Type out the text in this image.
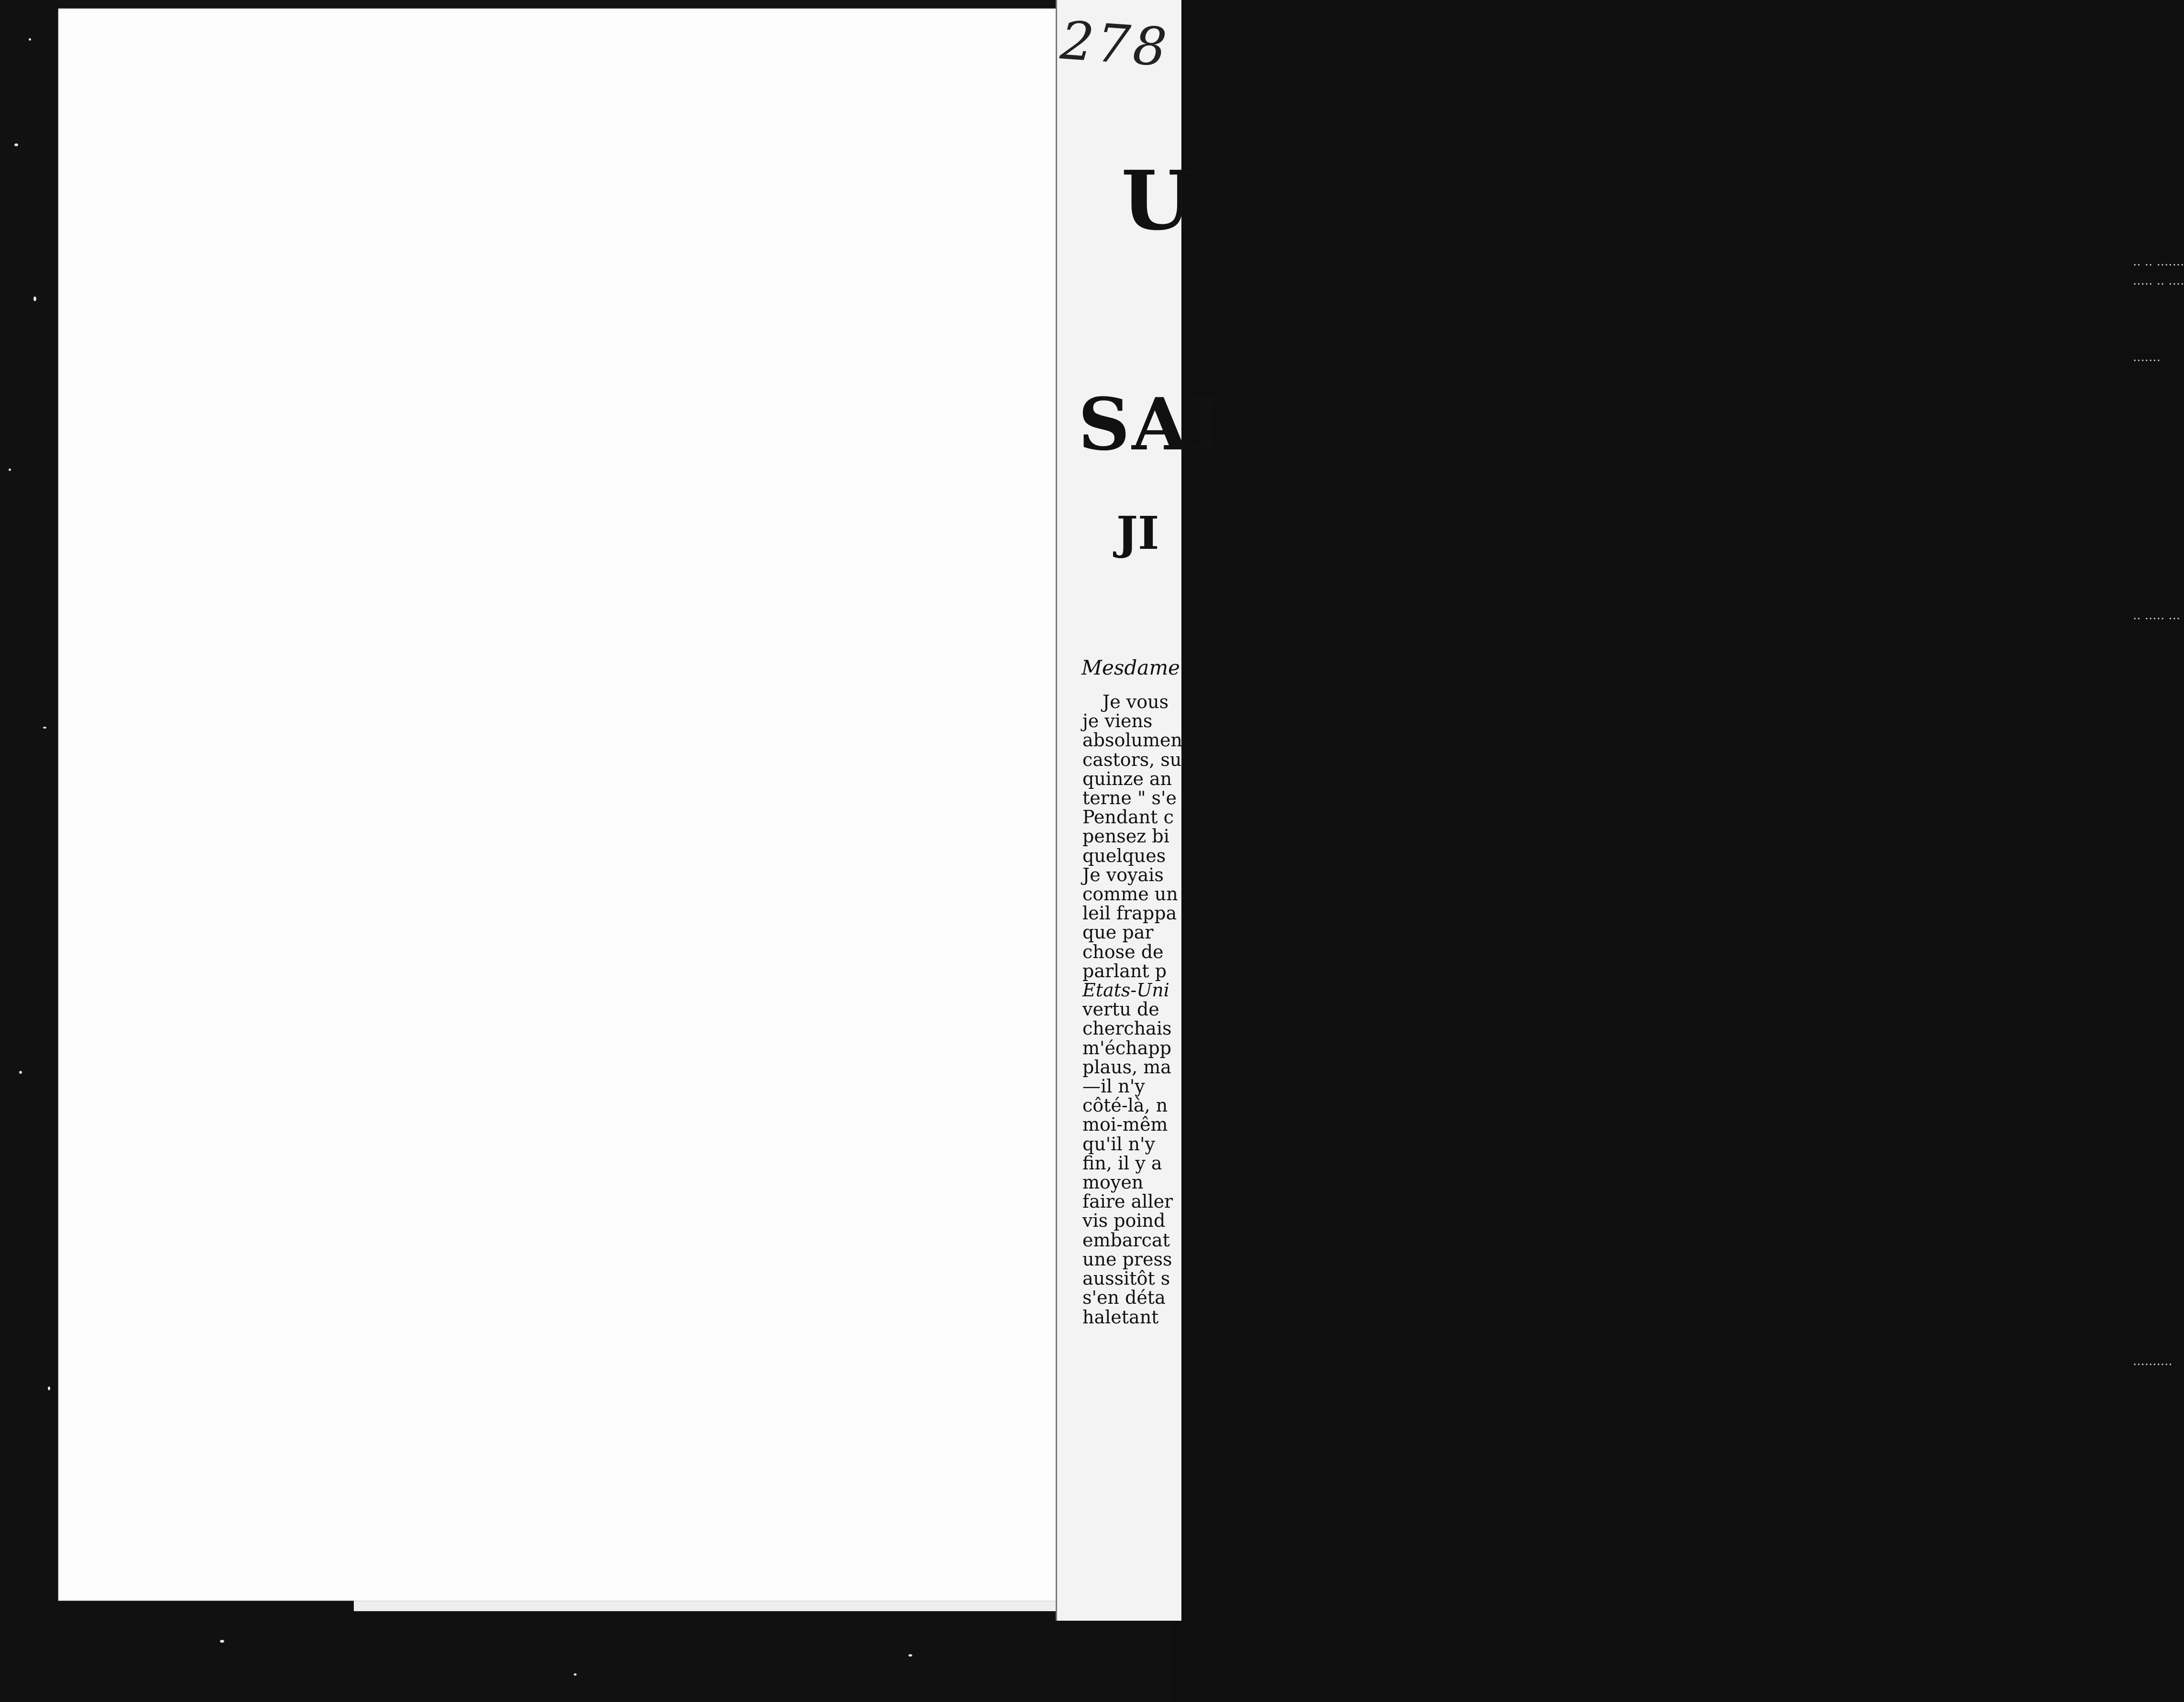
·· ·· ·······
····· ·· ····
·······
·· ····· ···
··········
278
U
SAI
JI
Mesdame
Je vous
je viens
absolumen
castors, su
quinze an
terne " s'e
Pendant c
pensez bi
quelques
Je voyais
comme un
leil frappa
que par
chose de
parlant p
Etats-Uni
vertu de
cherchais
m'échapp
plaus, ma
—il n'y
côté-là, n
moi-mêm
qu'il n'y
fin, il y a
moyen
faire aller
vis poind
embarcat
une press
aussitôt s
s'en déta
haletant
